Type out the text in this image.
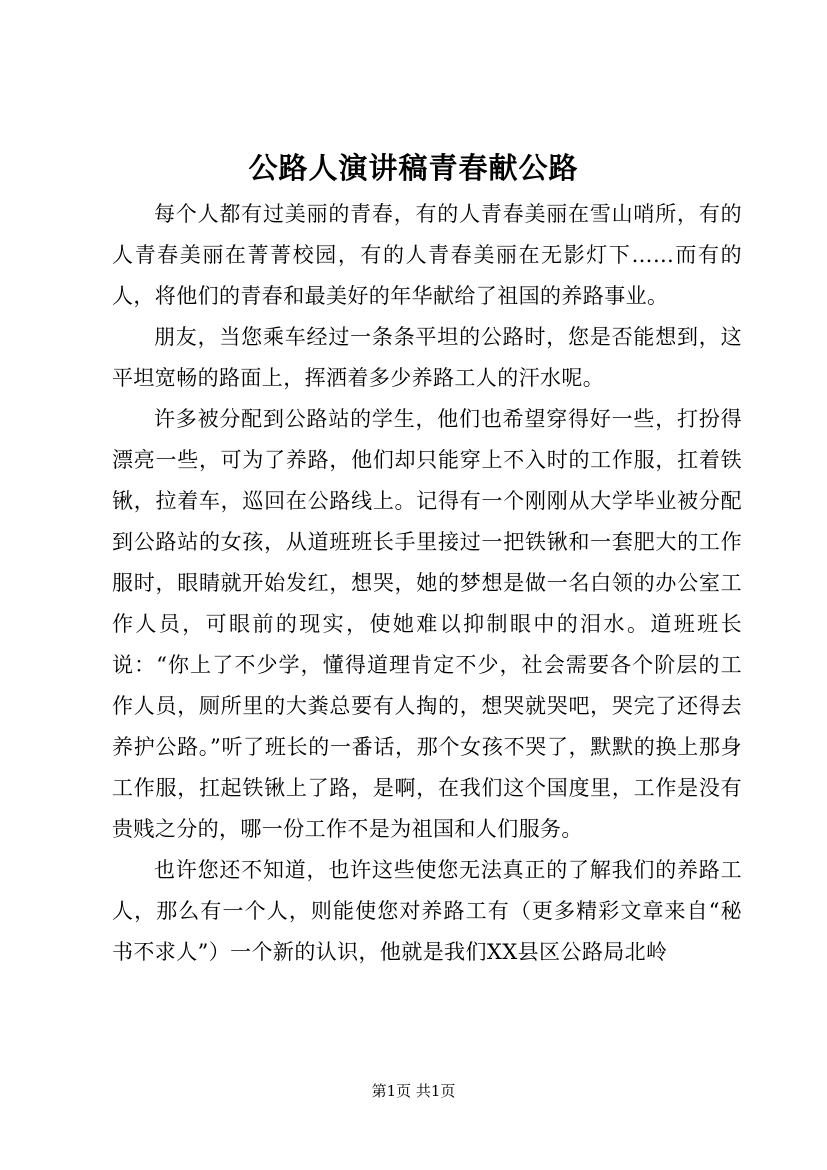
公路人演讲稿青春献公路

每个人都有过美丽的青春，有的人青春美丽在雪山哨所，有的人青春美丽在菁菁校园，有的人青春美丽在无影灯下……而有的人，将他们的青春和最美好的年华献给了祖国的养路事业。

朋友，当您乘车经过一条条平坦的公路时，您是否能想到，这平坦宽畅的路面上，挥洒着多少养路工人的汗水呢。

许多被分配到公路站的学生，他们也希望穿得好一些，打扮得漂亮一些，可为了养路，他们却只能穿上不入时的工作服，扛着铁锹，拉着车，巡回在公路线上。记得有一个刚刚从大学毕业被分配到公路站的女孩，从道班班长手里接过一把铁锹和一套肥大的工作服时，眼睛就开始发红，想哭，她的梦想是做一名白领的办公室工作人员，可眼前的现实，使她难以抑制眼中的泪水。道班班长说：“你上了不少学，懂得道理肯定不少，社会需要各个阶层的工作人员，厕所里的大粪总要有人掏的，想哭就哭吧，哭完了还得去养护公路。”听了班长的一番话，那个女孩不哭了，默默的换上那身工作服，扛起铁锹上了路，是啊，在我们这个国度里，工作是没有贵贱之分的，哪一份工作不是为祖国和人们服务。

也许您还不知道，也许这些使您无法真正的了解我们的养路工人，那么有一个人，则能使您对养路工有（更多精彩文章来自“秘书不求人”）一个新的认识，他就是我们XX县区公路局北岭

第1页 共1页
